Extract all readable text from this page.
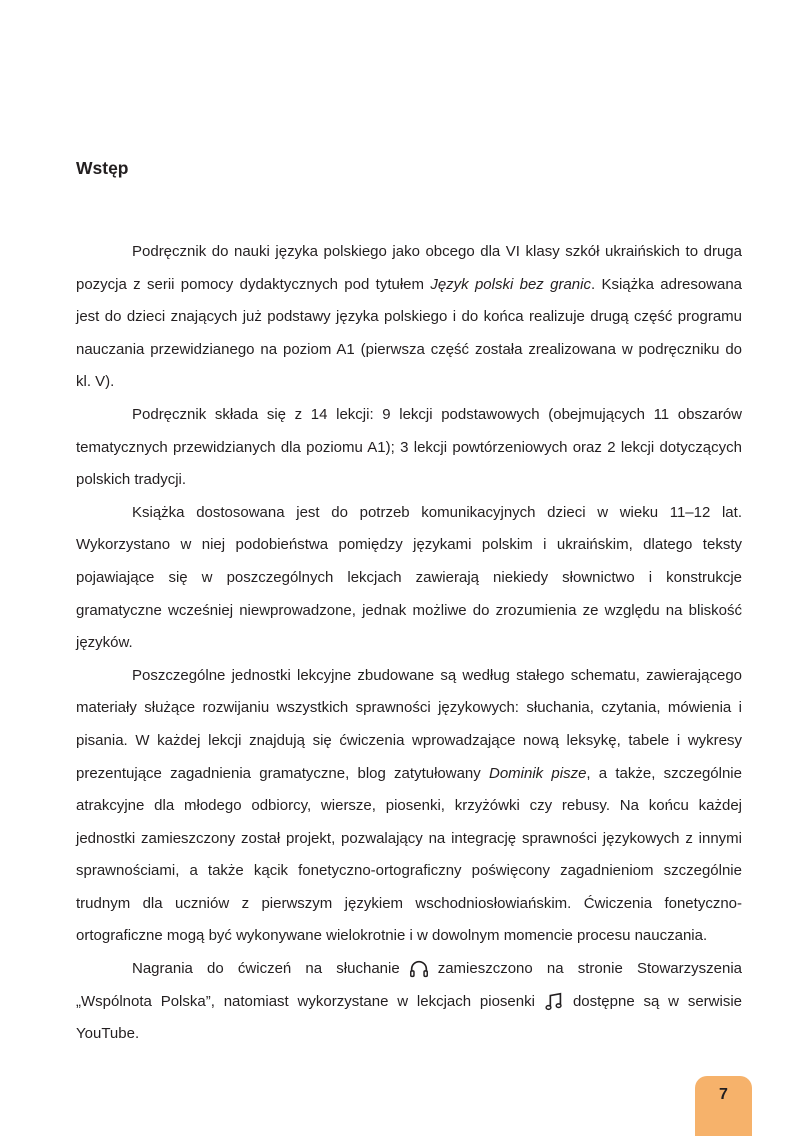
Wstęp

Podręcznik do nauki języka polskiego jako obcego dla VI klasy szkół ukraińskich to druga pozycja z serii pomocy dydaktycznych pod tytułem Język polski bez granic. Książka adresowana jest do dzieci znających już podstawy języka polskiego i do końca realizuje drugą część programu nauczania przewidzianego na poziom A1 (pierwsza część została zrealizowana w podręczniku do kl. V).

Podręcznik składa się z 14 lekcji: 9 lekcji podstawowych (obejmujących 11 obszarów tematycznych przewidzianych dla poziomu A1); 3 lekcji powtórzeniowych oraz 2 lekcji dotyczących polskich tradycji.

Książka dostosowana jest do potrzeb komunikacyjnych dzieci w wieku 11–12 lat. Wykorzystano w niej podobieństwa pomiędzy językami polskim i ukraińskim, dlatego teksty pojawiające się w poszczególnych lekcjach zawierają niekiedy słownictwo i konstrukcje gramatyczne wcześniej niewprowadzone, jednak możliwe do zrozumienia ze względu na bliskość języków.

Poszczególne jednostki lekcyjne zbudowane są według stałego schematu, zawierającego materiały służące rozwijaniu wszystkich sprawności językowych: słuchania, czytania, mówienia i pisania. W każdej lekcji znajdują się ćwiczenia wprowadzające nową leksykę, tabele i wykresy prezentujące zagadnienia gramatyczne, blog zatytułowany Dominik pisze, a także, szczególnie atrakcyjne dla młodego odbiorcy, wiersze, piosenki, krzyżówki czy rebusy. Na końcu każdej jednostki zamieszczony został projekt, pozwalający na integrację sprawności językowych z innymi sprawnościami, a także kącik fonetyczno-ortograficzny poświęcony zagadnieniom szczególnie trudnym dla uczniów z pierwszym językiem wschodniosłowiańskim. Ćwiczenia fonetyczno-ortograficzne mogą być wykonywane wielokrotnie i w dowolnym momencie procesu nauczania.

Nagrania do ćwiczeń na słuchanie	zamieszczono na stronie Stowarzyszenia „Wspólnota Polska”, natomiast wykorzystane w lekcjach piosenki	dostępne są w serwisie YouTube.

7
